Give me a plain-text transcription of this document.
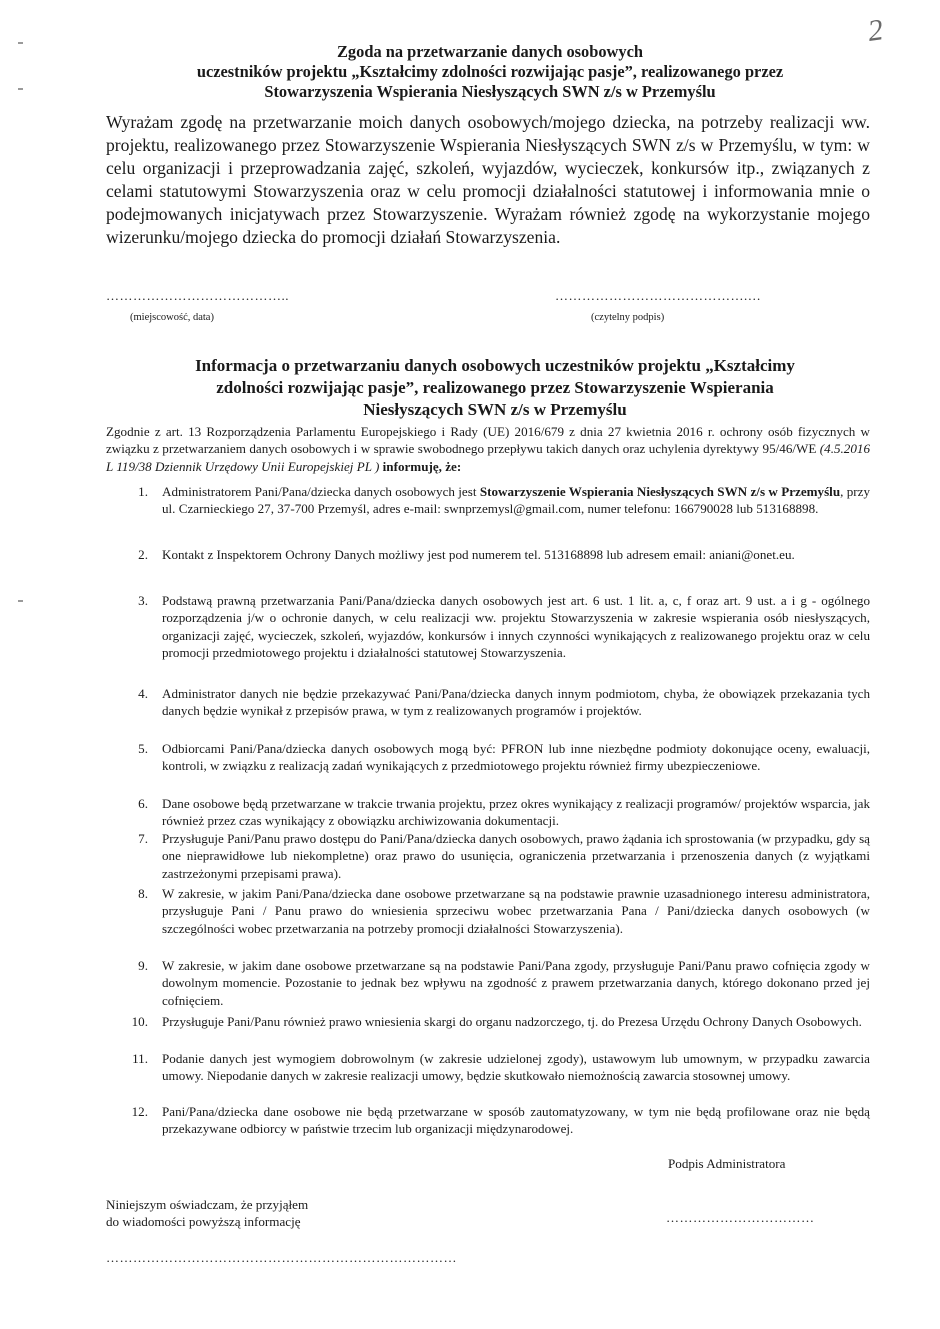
2
Zgoda na przetwarzanie danych osobowych
uczestników projektu „Kształcimy zdolności rozwijając pasje”, realizowanego przez
Stowarzyszenia Wspierania Niesłyszących SWN z/s w Przemyślu
Wyrażam zgodę na przetwarzanie moich danych osobowych/mojego dziecka, na potrzeby realizacji ww. projektu, realizowanego przez Stowarzyszenie Wspierania Niesłyszących SWN z/s w Przemyślu, w tym: w celu organizacji i przeprowadzania zajęć, szkoleń, wyjazdów, wycieczek, konkursów itp., związanych z celami statutowymi Stowarzyszenia oraz w celu promocji działalności statutowej i informowania mnie o podejmowanych inicjatywach przez Stowarzyszenie. Wyrażam również zgodę na wykorzystanie mojego wizerunku/mojego dziecka do promocji działań Stowarzyszenia.
…………………………………..
(miejscowość, data)
…………………………………….…
(czytelny podpis)
Informacja o przetwarzaniu danych osobowych uczestników projektu „Kształcimy
zdolności rozwijając pasje”, realizowanego przez Stowarzyszenie Wspierania
Niesłyszących SWN z/s w Przemyślu
Zgodnie z art. 13 Rozporządzenia Parlamentu Europejskiego i Rady (UE) 2016/679 z dnia 27 kwietnia 2016 r. ochrony osób fizycznych w związku z przetwarzaniem danych osobowych i w sprawie swobodnego przepływu takich danych oraz uchylenia dyrektywy 95/46/WE (4.5.2016 L 119/38 Dziennik Urzędowy Unii Europejskiej PL ) informuję, że:
1. Administratorem Pani/Pana/dziecka danych osobowych jest Stowarzyszenie Wspierania Niesłyszących SWN z/s w Przemyślu, przy ul. Czarnieckiego 27, 37-700 Przemyśl, adres e-mail: swnprzemysl@gmail.com, numer telefonu: 166790028 lub 513168898.
2. Kontakt z Inspektorem Ochrony Danych możliwy jest pod numerem tel. 513168898 lub adresem email: aniani@onet.eu.
3. Podstawą prawną przetwarzania Pani/Pana/dziecka danych osobowych jest art. 6 ust. 1 lit. a, c, f oraz art. 9 ust. a i g - ogólnego rozporządzenia j/w o ochronie danych, w celu realizacji ww. projektu Stowarzyszenia w zakresie wspierania osób niesłyszących, organizacji zajęć, wycieczek, szkoleń, wyjazdów, konkursów i innych czynności wynikających z realizowanego projektu oraz w celu promocji przedmiotowego projektu i działalności statutowej Stowarzyszenia.
4. Administrator danych nie będzie przekazywać Pani/Pana/dziecka danych innym podmiotom, chyba, że obowiązek przekazania tych danych będzie wynikał z przepisów prawa, w tym z realizowanych programów i projektów.
5. Odbiorcami Pani/Pana/dziecka danych osobowych mogą być: PFRON lub inne niezbędne podmioty dokonujące oceny, ewaluacji, kontroli, w związku z realizacją zadań wynikających z przedmiotowego projektu również firmy ubezpieczeniowe.
6. Dane osobowe będą przetwarzane w trakcie trwania projektu, przez okres wynikający z realizacji programów/ projektów wsparcia, jak również przez czas wynikający z obowiązku archiwizowania dokumentacji.
7. Przysługuje Pani/Panu prawo dostępu do Pani/Pana/dziecka danych osobowych, prawo żądania ich sprostowania (w przypadku, gdy są one nieprawidłowe lub niekompletne) oraz prawo do usunięcia, ograniczenia przetwarzania i przenoszenia danych (z wyjątkami zastrzeżonymi przepisami prawa).
8. W zakresie, w jakim Pani/Pana/dziecka dane osobowe przetwarzane są na podstawie prawnie uzasadnionego interesu administratora, przysługuje Pani / Panu prawo do wniesienia sprzeciwu wobec przetwarzania Pana / Pani/dziecka danych osobowych (w szczególności wobec przetwarzania na potrzeby promocji działalności Stowarzyszenia).
9. W zakresie, w jakim dane osobowe przetwarzane są na podstawie Pani/Pana zgody, przysługuje Pani/Panu prawo cofnięcia zgody w dowolnym momencie. Pozostanie to jednak bez wpływu na zgodność z prawem przetwarzania danych, którego dokonano przed jej cofnięciem.
10. Przysługuje Pani/Panu również prawo wniesienia skargi do organu nadzorczego, tj. do Prezesa Urzędu Ochrony Danych Osobowych.
11. Podanie danych jest wymogiem dobrowolnym (w zakresie udzielonej zgody), ustawowym lub umownym, w przypadku zawarcia umowy. Niepodanie danych w zakresie realizacji umowy, będzie skutkowało niemożnością zawarcia stosownej umowy.
12. Pani/Pana/dziecka dane osobowe nie będą przetwarzane w sposób zautomatyzowany, w tym nie będą profilowane oraz nie będą przekazywane odbiorcy w państwie trzecim lub organizacji międzynarodowej.
Podpis Administratora
Niniejszym oświadczam, że przyjąłem
do wiadomości powyższą informację	……………………………
……………………………………………………………………
